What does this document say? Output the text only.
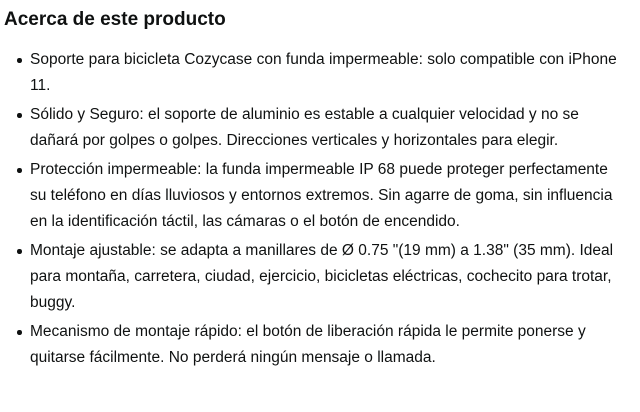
Acerca de este producto
Soporte para bicicleta Cozycase con funda impermeable: solo compatible con iPhone 11.
Sólido y Seguro: el soporte de aluminio es estable a cualquier velocidad y no se dañará por golpes o golpes. Direcciones verticales y horizontales para elegir.
Protección impermeable: la funda impermeable IP 68 puede proteger perfectamente su teléfono en días lluviosos y entornos extremos. Sin agarre de goma, sin influencia en la identificación táctil, las cámaras o el botón de encendido.
Montaje ajustable: se adapta a manillares de Ø 0.75 "(19 mm) a 1.38" (35 mm). Ideal para montaña, carretera, ciudad, ejercicio, bicicletas eléctricas, cochecito para trotar, buggy.
Mecanismo de montaje rápido: el botón de liberación rápida le permite ponerse y quitarse fácilmente. No perderá ningún mensaje o llamada.
